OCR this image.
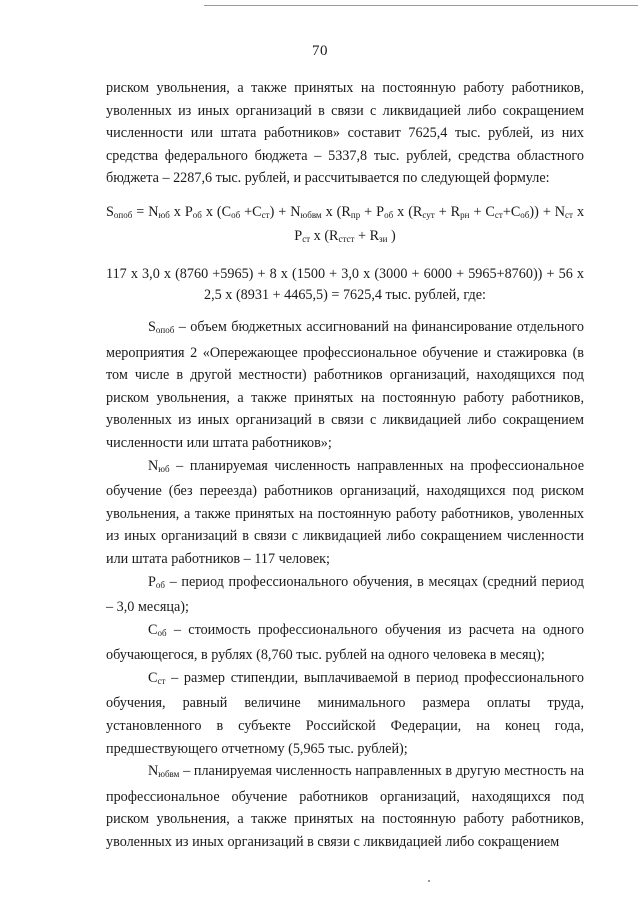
70

риском увольнения, а также принятых на постоянную работу работников, уволенных из иных организаций в связи с ликвидацией либо сокращением численности или штата работников» составит 7625,4 тыс. рублей, из них средства федерального бюджета – 5337,8 тыс. рублей, средства областного бюджета – 2287,6 тыс. рублей, и рассчитывается по следующей формуле:

$S_{опоб} = N_{юб}$ x $P_{об}$ x $(C_{об} +C_{ст}) + N_{юбвм}$ x ($R_{пр} + P_{об}$ x $(R_{сут} + R_{рн} + C_{ст}+C_{об})) + N_{ст}$ x
$P_{ст}$ x ($R_{стст} + R_{зи}$ )
117 х 3,0 х (8760 +5965) + 8 х (1500 + 3,0 х (3000 + 6000 + 5965+8760)) + 56 х
2,5 х (8931 + 4465,5) = 7625,4 тыс. рублей, где:

$S_{опоб}$ – объем бюджетных ассигнований на финансирование отдельного мероприятия 2 «Опережающее профессиональное обучение и стажировка (в том числе в другой местности) работников организаций, находящихся под риском увольнения, а также принятых на постоянную работу работников, уволенных из иных организаций в связи с ликвидацией либо сокращением численности или штата работников»;

$N_{юб}$ – планируемая численность направленных на профессиональное обучение (без переезда) работников организаций, находящихся под риском увольнения, а также принятых на постоянную работу работников, уволенных из иных организаций в связи с ликвидацией либо сокращением численности или штата работников – 117 человек;

$Р_{об}$ – период профессионального обучения, в месяцах (средний период – 3,0 месяца);

$С_{об}$ – стоимость профессионального обучения из расчета на одного обучающегося, в рублях (8,760 тыс. рублей на одного человека в месяц);

$С_{ст}$ – размер стипендии, выплачиваемой в период профессионального обучения, равный величине минимального размера оплаты труда, установленного в субъекте Российской Федерации, на конец года, предшествующего отчетному (5,965 тыс. рублей);

$N_{юбвм}$ – планируемая численность направленных в другую местность на профессиональное обучение работников организаций, находящихся под риском увольнения, а также принятых на постоянную работу работников, уволенных из иных организаций в связи с ликвидацией либо сокращением
